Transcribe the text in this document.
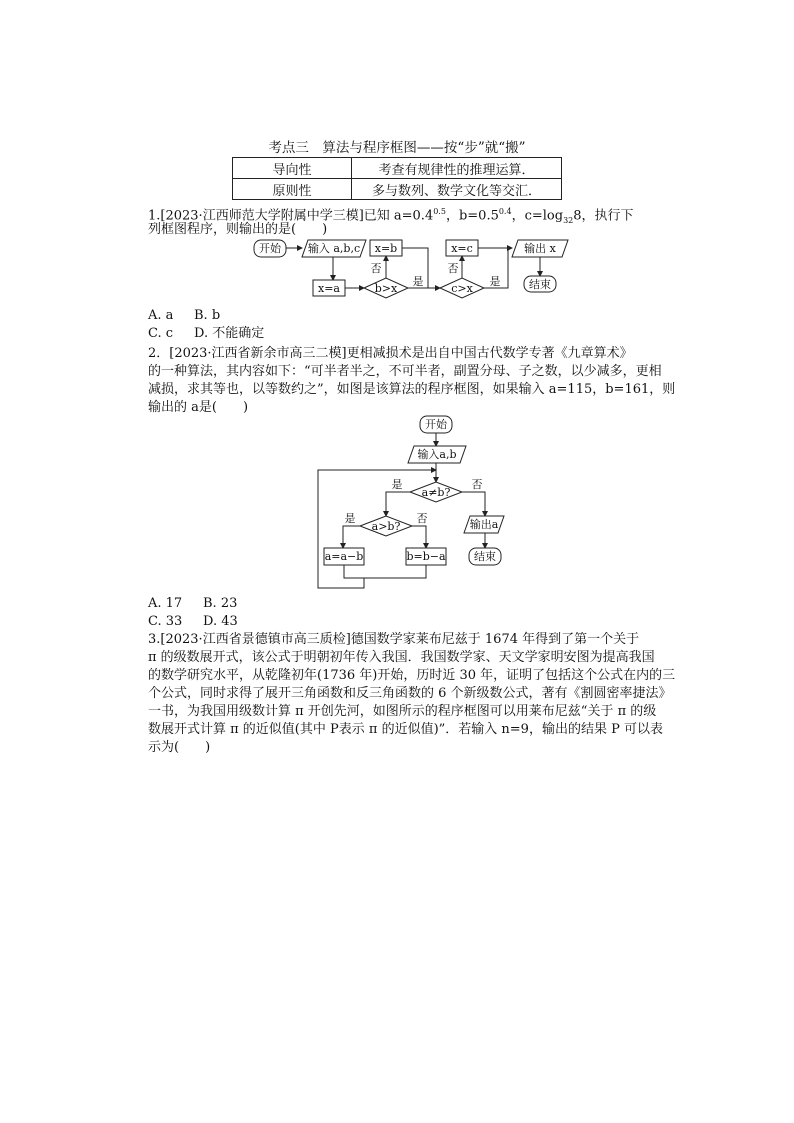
考点三　算法与程序框图——按“步”就“搬”
导向性	考查有规律性的推理运算．
原则性	多与数列、数学文化等交汇．
1.[2023·江西师范大学附属中学三模]已知 $a=0.4^{0.5}$，$b=0.5^{0.4}$，$c=\log_{32}8$，执行下
列框图程序，则输出的是(　　)
开始 输入 a,b,c
x=a	b>x
否
x=b
是
c>x
否
x=c
是
输出 x
结束
A. a B. b
C. c D. 不能确定
2．[2023·江西省新余市高三二模]更相减损术是出自中国古代数学专著《九章算术》
的一种算法，其内容如下：“可半者半之，不可半者，副置分母、子之数，以少减多，更相
减损，求其等也，以等数约之”，如图是该算法的程序框图，如果输入 a=115，b=161，则
输出的 a是(　　)
开始
输入a,b
a≠b?
是	否
a>b?
是	否
a=a−b	b=b−a
输出a
结束
A. 17 B. 23
C. 33 D. 43
3.[2023·江西省景德镇市高三质检]德国数学家莱布尼兹于 1674 年得到了第一个关于
π 的级数展开式，该公式于明朝初年传入我国．我国数学家、天文学家明安图为提高我国
的数学研究水平，从乾隆初年(1736 年)开始，历时近 30 年，证明了包括这个公式在内的三
个公式，同时求得了展开三角函数和反三角函数的 6 个新级数公式，著有《割圆密率捷法》
一书，为我国用级数计算 π 开创先河，如图所示的程序框图可以用莱布尼兹“关于 π 的级
数展开式计算 π 的近似值(其中 P表示 π 的近似值)”．若输入 n=9，输出的结果 P 可以表
示为(　　)
